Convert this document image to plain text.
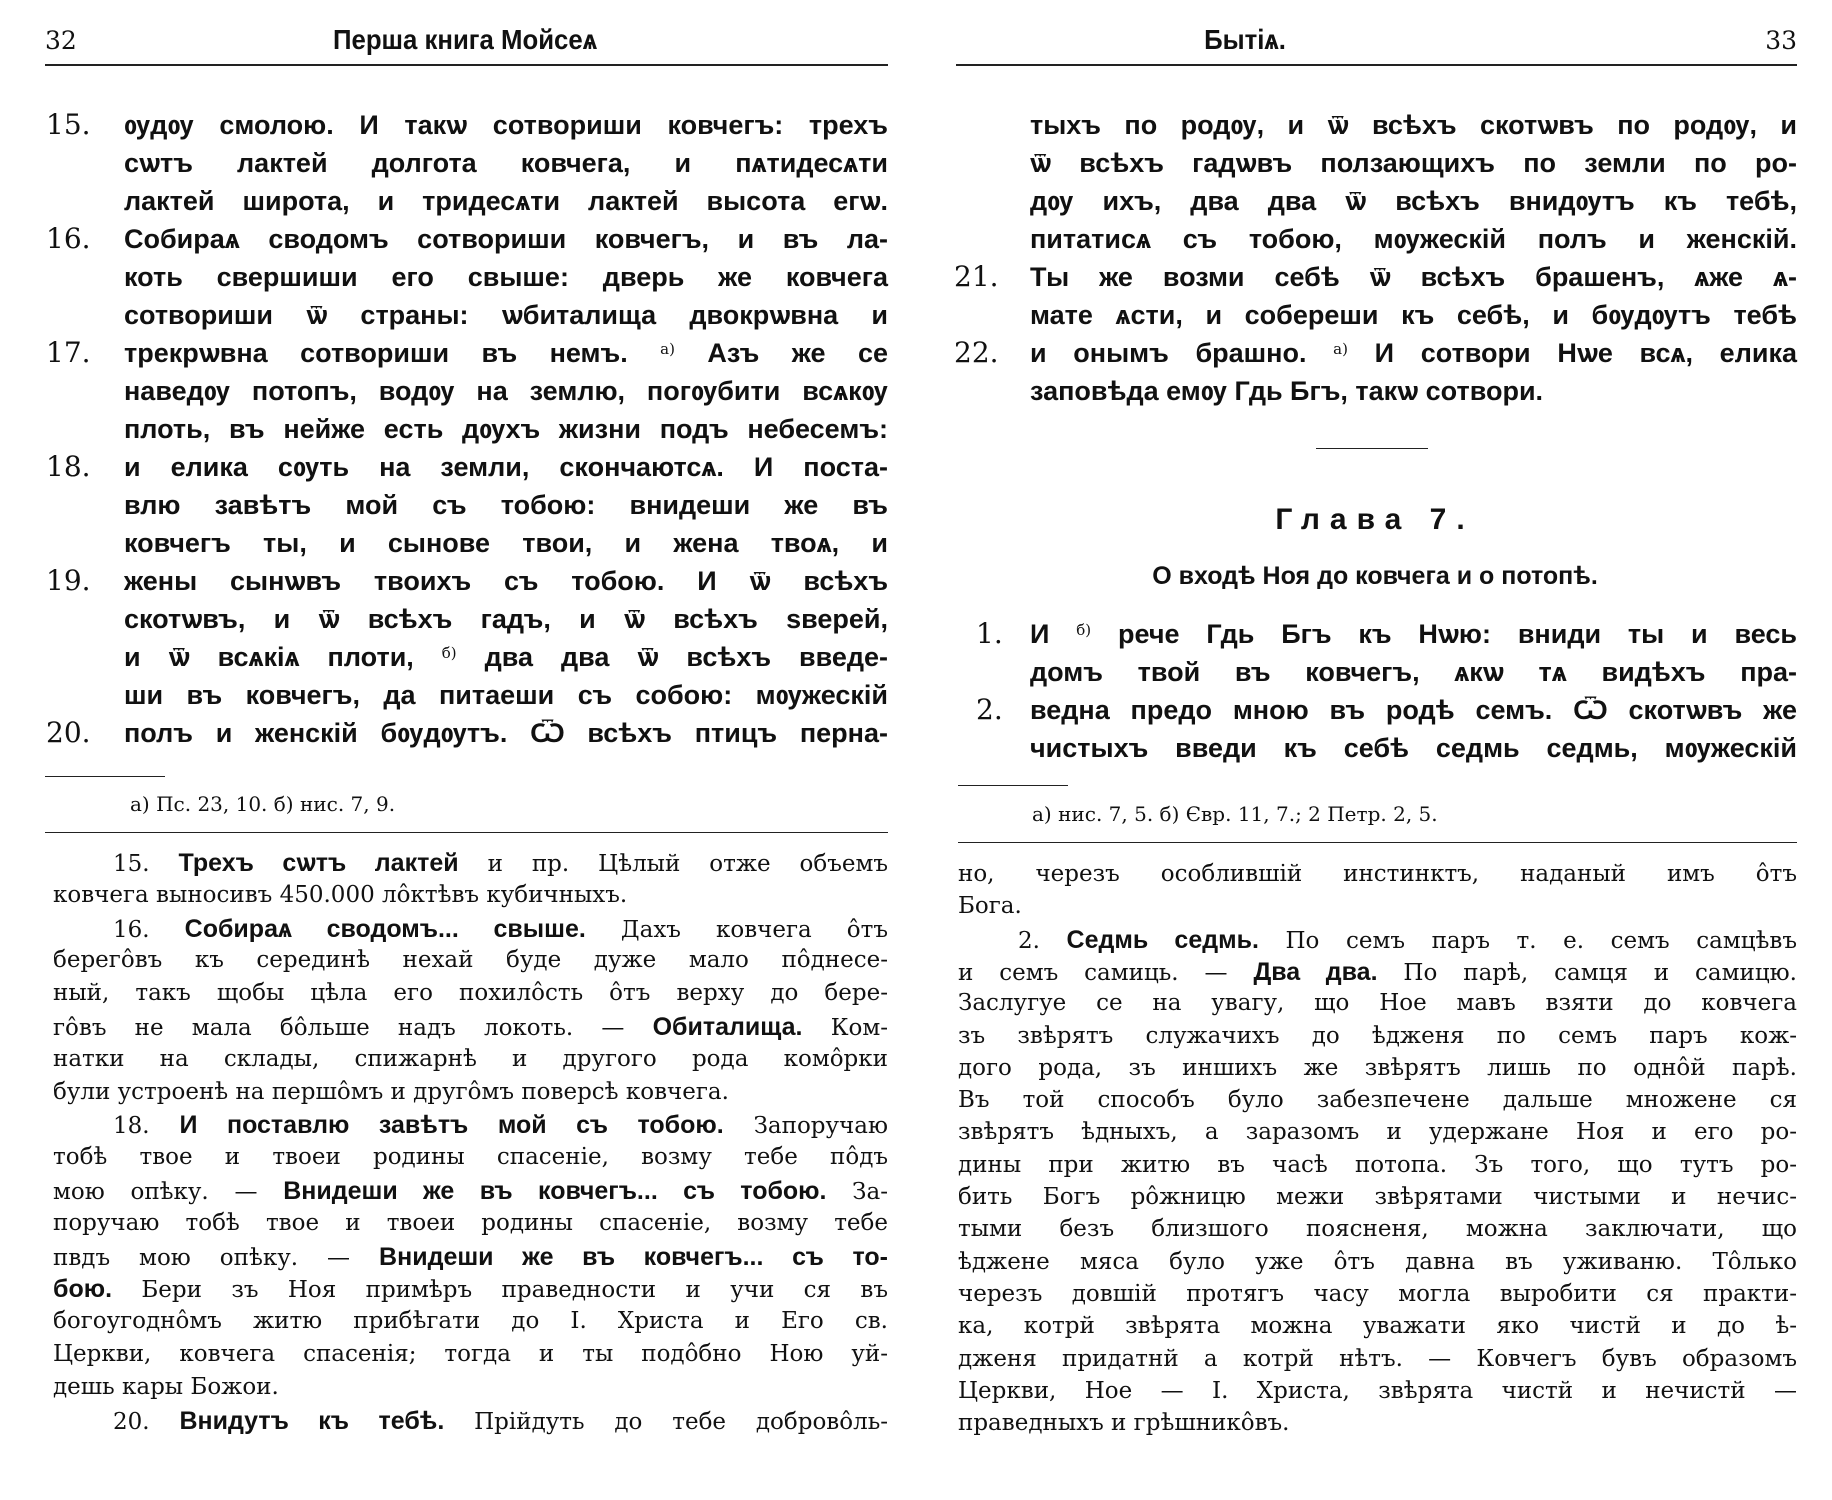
32	Перша книга Мойсеѧ
ѹдѹ смолою. И такѡ сотвориши ковчегъ: трехъ
15.
сѡтъ лактей долгота ковчега, и пѧтидесѧти
лактей широта, и тридесѧти лактей высота егѡ.
Собираѧ сводомъ сотвориши ковчегъ, и въ ла-
16.
коть свершиши его свыше: дверь же ковчега
сотвориши ѿ страны: ѡбиталища двокрѡвна и
трекрѡвна сотвориши въ немъ. $^{а)}$ Азъ же се
17.
наведѹ потопъ, водѹ на землю, погѹбити всѧкѹ
плоть, въ нейже есть дѹхъ жизни подъ небесемъ:
и елика сѹть на земли, скончаютсѧ. И поста-
18.
влю завѣтъ мой съ тобою: внидеши же въ
ковчегъ ты, и сынове твои, и жена твоѧ, и
жены сынѡвъ твоихъ съ тобою. И ѿ всѣхъ
19.
скотѡвъ, и ѿ всѣхъ гадъ, и ѿ всѣхъ ѕверей,
и ѿ всѧкіѧ плоти, $^{б)}$ два два ѿ всѣхъ введе-
ши въ ковчегъ, да питаеши съ собою: мѹжескій
полъ и женскій бѹдѹтъ. Ѿ всѣхъ птицъ перна-
20.
а) Пс. 23, 10. б) нис. 7, 9.
15. Трехъ сѡтъ лактей и пр. Цѣлый отже объемъ
ковчега выносивъ 450.000 лôктѣвъ кубичныхъ.
16. Собираѧ сводомъ... свыше. Дахъ ковчега ôтъ
берегôвъ къ серединѣ нехай буде дуже мало пôднесе-
ный, такъ щобы цѣла его похилôсть ôтъ верху до бере-
гôвъ не мала бôльше надъ локоть. — Обиталища. Ком-
натки на склады, спижарнѣ и другого рода комôрки
були устроенѣ на першôмъ и другôмъ поверсѣ ковчега.
18. И поставлю завѣтъ мой съ тобою. Запоручаю
тобѣ твое и твоеи родины спасеніе, возму тебе пôдъ
мою опѣку. — Внидеши же въ ковчегъ... съ тобою. За-
поручаю тобѣ твое и твоеи родины спасеніе, возму тебе
пвдъ мою опѣку. — Внидеши же въ ковчегъ... съ то-
бою. Бери зъ Ноя примѣръ праведности и учи ся въ
богоугоднôмъ житю прибѣгати до І. Христа и Его св.
Церкви, ковчега спасенія; тогда и ты подôбно Ною уй-
дешь кары Божои.
20. Внидутъ къ тебѣ. Прійдуть до тебе добровôль-
Бытіѧ.	33
тыхъ по родѹ, и ѿ всѣхъ скотѡвъ по родѹ, и
ѿ всѣхъ гадѡвъ ползающихъ по земли по ро-
дѹ ихъ, два два ѿ всѣхъ внидѹтъ къ тебѣ,
питатисѧ съ тобою, мѹжескій полъ и женскій.
Ты же возми себѣ ѿ всѣхъ брашенъ, ѧже ѧ-
21.
мате ѧсти, и собереши къ себѣ, и бѹдѹтъ тебѣ
и онымъ брашно. $^{а)}$ И сотвори Нѡе всѧ, елика
22.
заповѣда емѹ Гдь Бгъ, такѡ сотвори.
Глава 7.
О входѣ Ноя до ковчега и о потопѣ.
И $^{б)}$ рече Гдь Бгъ къ Нѡю: вниди ты и весь
1.
домъ твой въ ковчегъ, ѧкѡ тѧ видѣхъ пра-
ведна предо мною въ родѣ семъ. Ѿ скотѡвъ же
2.
чистыхъ введи къ себѣ седмь седмь, мѹжескій
а) нис. 7, 5. б) Євр. 11, 7.; 2 Петр. 2, 5.
но, черезъ особлившій инстинктъ, наданый имъ ôтъ
Бога.
2. Седмь седмь. По семъ паръ т. е. семъ самцѣвъ
и семъ самиць. — Два два. По парѣ, самця и самицю.
Заслугуе се на увагу, що Ное мавъ взяти до ковчега
зъ звѣрятъ служачихъ до ѣдженя по семъ паръ кож-
дого рода, зъ иншихъ же звѣрятъ лишь по однôй парѣ.
Въ той способъ було забезпечене дальше множене ся
звѣрятъ ѣдныхъ, а заразомъ и удержане Ноя и его ро-
дины при житю въ часѣ потопа. Зъ того, що тутъ ро-
бить Богъ рôжницю межи звѣрятами чистыми и нечис-
тыми безъ близшого поясненя, можна заключати, що
ѣджене мяса було уже ôтъ давна въ уживаню. Тôлько
черезъ довшій протягъ часу могла выробити ся практи-
ка, котрй звѣрята можна уважати яко чистй и до ѣ-
дженя придатнй а котрй нѣтъ. — Ковчегъ бувъ образомъ
Церкви, Ное — І. Христа, звѣрята чистй и нечистй —
праведныхъ и грѣшникôвъ.
